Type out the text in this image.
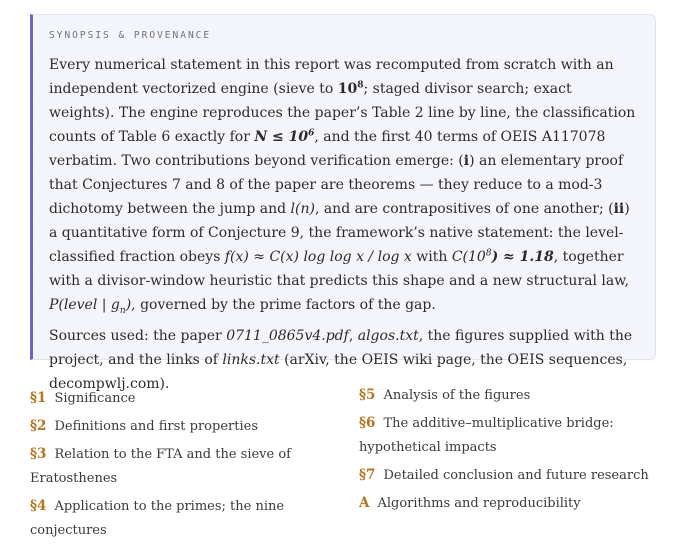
SYNOPSIS & PROVENANCE

Every numerical statement in this report was recomputed from scratch with an independent vectorized engine (sieve to $10^8$; staged divisor search; exact weights). The engine reproduces the paper’s Table 2 line by line, the classification counts of Table 6 exactly for $N \le 10^6$, and the first 40 terms of OEIS A117078 verbatim. Two contributions beyond verification emerge: (i) an elementary proof that Conjectures 7 and 8 of the paper are theorems — they reduce to a mod-3 dichotomy between the jump and l(n), and are contrapositives of one another; (ii) a quantitative form of Conjecture 9, the framework’s native statement: the level-classified fraction obeys f(x) ≈ C(x) log log x / log x with $C(10^8) \approx 1.18$, together with a divisor-window heuristic that predicts this shape and a new structural law, P(level | $g_n$), governed by the prime factors of the gap.

Sources used: the paper 0711_0865v4.pdf, algos.txt, the figures supplied with the project, and the links of links.txt (arXiv, the OEIS wiki page, the OEIS sequences, decompwlj.com).

§1 Significance
§2 Definitions and first properties
§3 Relation to the FTA and the sieve of Eratosthenes
§4 Application to the primes; the nine conjectures
§5 Analysis of the figures
§6 The additive–multiplicative bridge: hypothetical impacts
§7 Detailed conclusion and future research
A Algorithms and reproducibility
